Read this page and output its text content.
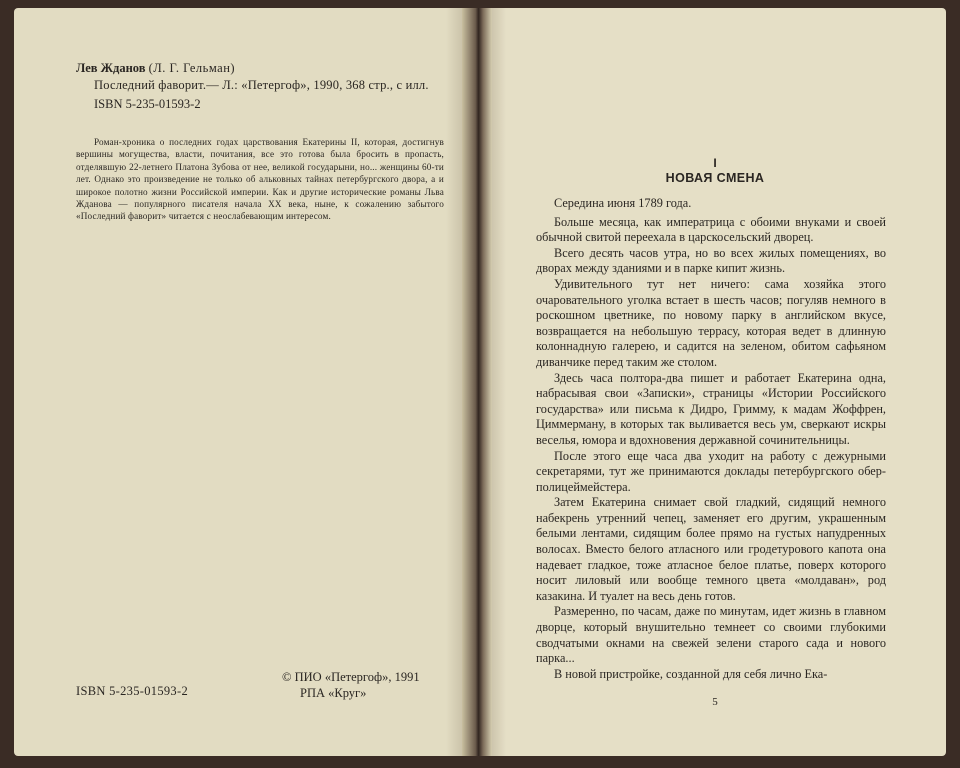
Лев Жданов (Л. Г. Гельман)
Последний фаворит.— Л.: «Петергоф», 1990, 368 стр., с илл.
ISBN 5-235-01593-2
Роман-хроника о последних годах царствования Екатерины II, которая, достигнув вершины могущества, власти, почитания, все это готова была бросить в пропасть, отделявшую 22-летнего Платона Зубова от нее, великой государыни, но... женщины 60-ти лет. Однако это произведение не только об альковных тайнах петербургского двора, а и широкое полотно жизни Российской империи. Как и другие исторические романы Льва Жданова — популярного писателя начала XX века, ныне, к сожалению забытого «Последний фаворит» читается с неослабевающим интересом.
ISBN 5-235-01593-2
© ПИО «Петергоф», 1991
РПА «Круг»
I
НОВАЯ СМЕНА

Середина июня 1789 года.

Больше месяца, как императрица с обоими внуками и своей обычной свитой переехала в царскосельский дворец.

Всего десять часов утра, но во всех жилых помещениях, во дворах между зданиями и в парке кипит жизнь.

Удивительного тут нет ничего: сама хозяйка этого очаровательного уголка встает в шесть часов; погуляв немного в роскошном цветнике, по новому парку в английском вкусе, возвращается на небольшую террасу, которая ведет в длинную колоннадную галерею, и садится на зеленом, обитом сафьяном диванчике перед таким же столом.

Здесь часа полтора-два пишет и работает Екатерина одна, набрасывая свои «Записки», страницы «Истории Российского государства» или письма к Дидро, Гримму, к мадам Жоффрен, Циммерману, в которых так выливается весь ум, сверкают искры веселья, юмора и вдохновения державной сочинительницы.

После этого еще часа два уходит на работу с дежурными секретарями, тут же принимаются доклады петербургского обер-полицеймейстера.

Затем Екатерина снимает свой гладкий, сидящий немного набекрень утренний чепец, заменяет его другим, украшенным белыми лентами, сидящим более прямо на густых напудренных волосах. Вместо белого атласного или гродетурового капота она надевает гладкое, тоже атласное белое платье, поверх которого носит лиловый или вообще темного цвета «молдаван», род казакина. И туалет на весь день готов.

Размеренно, по часам, даже по минутам, идет жизнь в главном дворце, который внушительно темнеет со своими глубокими сводчатыми окнами на свежей зелени старого сада и нового парка...

В новой пристройке, созданной для себя лично Ека-

5
